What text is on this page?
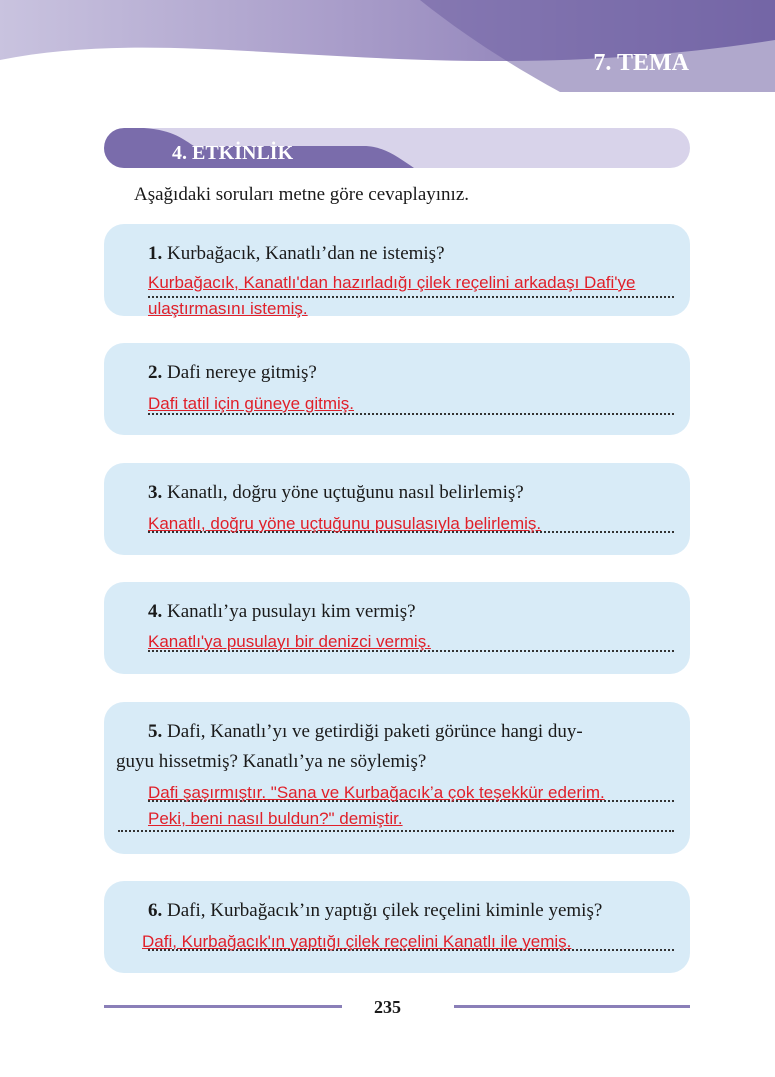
7. TEMA
4. ETKİNLİK
Aşağıdaki soruları metne göre cevaplayınız.
1. Kurbağacık, Kanatlı’dan ne istemiş?
Kurbağacık, Kanatlı'dan hazırladığı çilek reçelini arkadaşı Dafi'ye
ulaştırmasını istemiş.
2. Dafi nereye gitmiş?
Dafi tatil için güneye gitmiş.
3. Kanatlı, doğru yöne uçtuğunu nasıl belirlemiş?
Kanatlı, doğru yöne uçtuğunu pusulasıyla belirlemiş.
4. Kanatlı’ya pusulayı kim vermiş?
Kanatlı'ya pusulayı bir denizci vermiş.
5. Dafi, Kanatlı’yı ve getirdiği paketi görünce hangi duy-
guyu hissetmiş? Kanatlı’ya ne söylemiş?
Dafi şaşırmıştır. "Sana ve Kurbağacık’a çok teşekkür ederim.
Peki, beni nasıl buldun?" demiştir.
6. Dafi, Kurbağacık’ın yaptığı çilek reçelini kiminle yemiş?
Dafi, Kurbağacık'ın yaptığı çilek reçelini Kanatlı ile yemiş.
235
